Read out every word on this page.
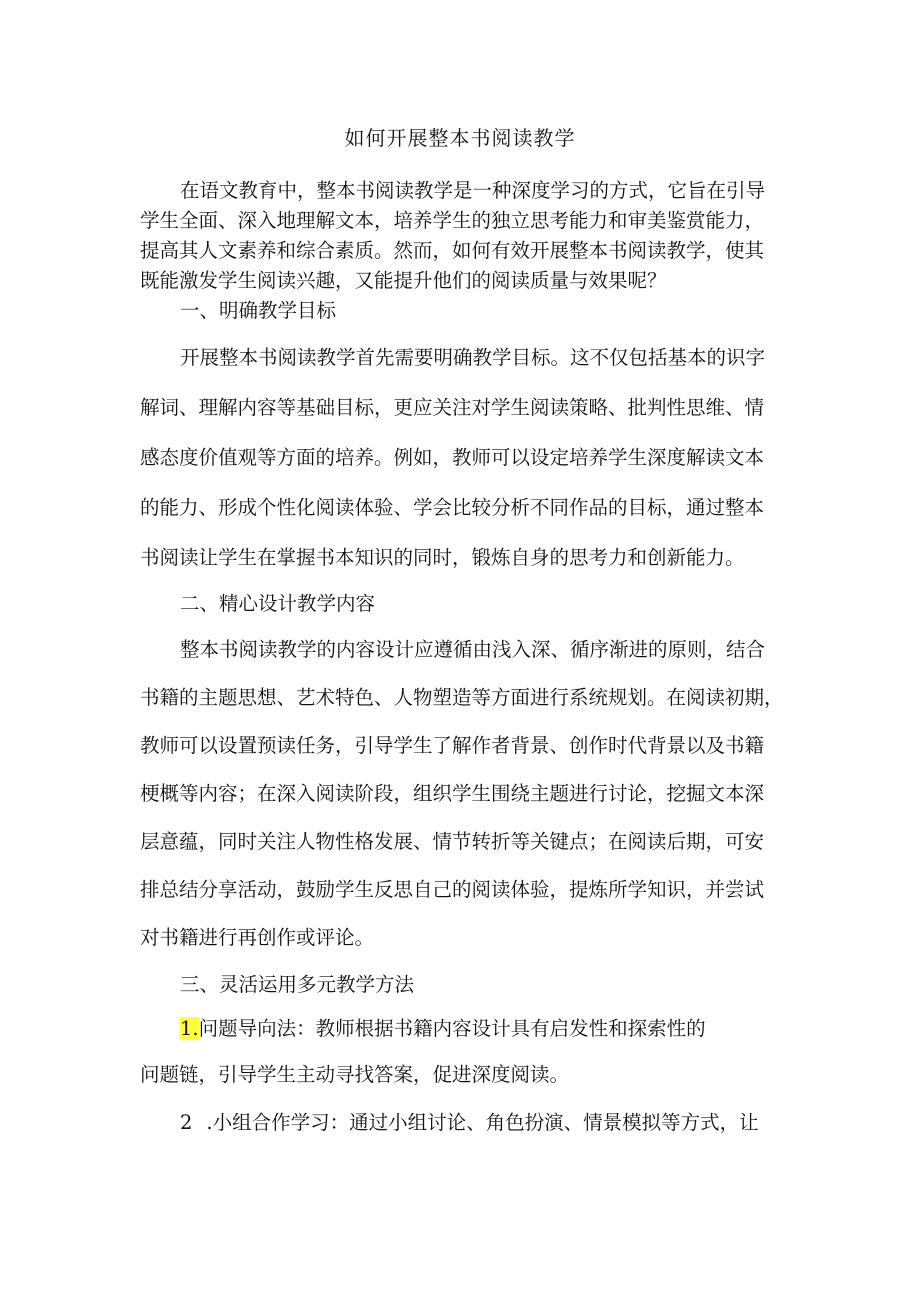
如何开展整本书阅读教学
在语文教育中，整本书阅读教学是一种深度学习的方式，它旨在引导
学生全面、深入地理解文本，培养学生的独立思考能力和审美鉴赏能力，
提高其人文素养和综合素质。然而，如何有效开展整本书阅读教学，使其
既能激发学生阅读兴趣，又能提升他们的阅读质量与效果呢？
一、明确教学目标
开展整本书阅读教学首先需要明确教学目标。这不仅包括基本的识字
解词、理解内容等基础目标，更应关注对学生阅读策略、批判性思维、情
感态度价值观等方面的培养。例如，教师可以设定培养学生深度解读文本
的能力、形成个性化阅读体验、学会比较分析不同作品的目标，通过整本
书阅读让学生在掌握书本知识的同时，锻炼自身的思考力和创新能力。
二、精心设计教学内容
整本书阅读教学的内容设计应遵循由浅入深、循序渐进的原则，结合
书籍的主题思想、艺术特色、人物塑造等方面进行系统规划。在阅读初期，
教师可以设置预读任务，引导学生了解作者背景、创作时代背景以及书籍
梗概等内容；在深入阅读阶段，组织学生围绕主题进行讨论，挖掘文本深
层意蕴，同时关注人物性格发展、情节转折等关键点；在阅读后期，可安
排总结分享活动，鼓励学生反思自己的阅读体验，提炼所学知识，并尝试
对书籍进行再创作或评论。
三、灵活运用多元教学方法
1.问题导向法：教师根据书籍内容设计具有启发性和探索性的
问题链，引导学生主动寻找答案，促进深度阅读。
2 .小组合作学习：通过小组讨论、角色扮演、情景模拟等方式，让
